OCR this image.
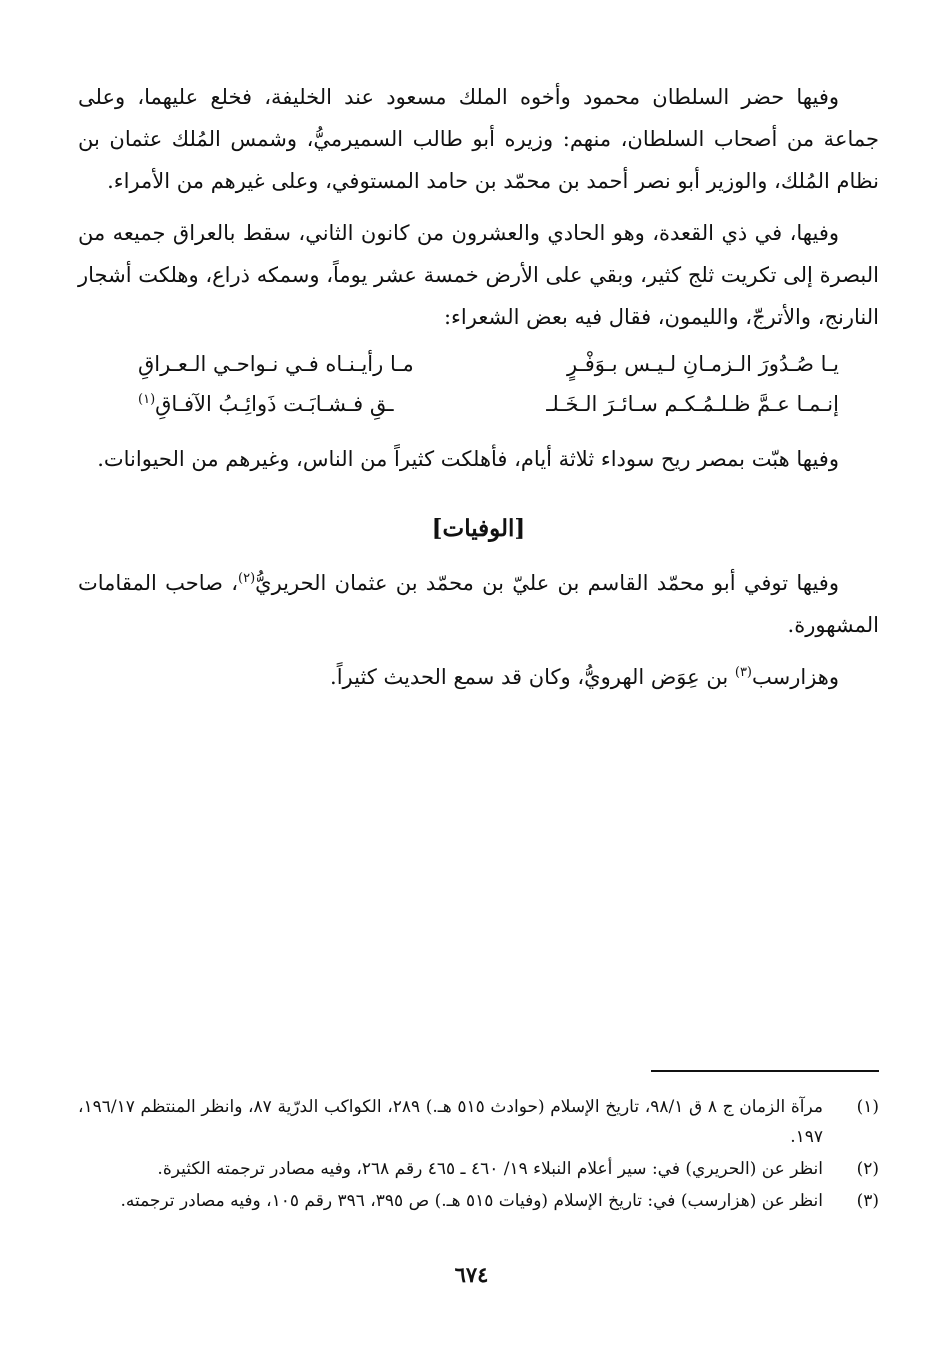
وفيها حضر السلطان محمود وأخوه الملك مسعود عند الخليفة، فخلع عليهما، وعلى جماعة من أصحاب السلطان، منهم: وزيره أبو طالب السميرميُّ، وشمس المُلك عثمان بن نظام المُلك، والوزير أبو نصر أحمد بن محمّد بن حامد المستوفي، وعلى غيرهم من الأمراء.

وفيها، في ذي القعدة، وهو الحادي والعشرون من كانون الثاني، سقط بالعراق جميعه من البصرة إلى تكريت ثلج كثير، وبقي على الأرض خمسة عشر يوماً، وسمكه ذراع، وهلكت أشجار النارنج، والأترجّ، والليمون، فقال فيه بعض الشعراء:

يـا صُـدُورَ الـزمـانِ لـيـس بـوَفْـرٍ
مـا رأيـنـاه فـي نـواحـي الـعـراقِ
إنـمـا عـمَّ ظـلـمُـكـم سـائـرَ الـخَـلـ
ـقِ فـشـابَـت ذَوائِـبُ الآفـاقِ$^{(١)}$

وفيها هبّت بمصر ريح سوداء ثلاثة أيام، فأهلكت كثيراً من الناس، وغيرهم من الحيوانات.

[الوفيات]

وفيها توفي أبو محمّد القاسم بن عليّ بن محمّد بن عثمان الحريريُّ$^{(٢)}$، صاحب المقامات المشهورة.

وهزارسب$^{(٣)}$ بن عِوَض الهرويُّ، وكان قد سمع الحديث كثيراً.

(١)
مرآة الزمان ج ٨ ق ٩٨/١، تاريخ الإسلام (حوادث ٥١٥ هـ.) ٢٨٩، الكواكب الدرّية ٨٧، وانظر المنتظم ١٩٦/١٧، ١٩٧.
(٢)
انظر عن (الحريري) في: سير أعلام النبلاء ١٩/ ٤٦٠ ـ ٤٦٥ رقم ٢٦٨، وفيه مصادر ترجمته الكثيرة.
(٣)
انظر عن (هزارسب) في: تاريخ الإسلام (وفيات ٥١٥ هـ.) ص ٣٩٥، ٣٩٦ رقم ١٠٥، وفيه مصادر ترجمته.
٦٧٤
